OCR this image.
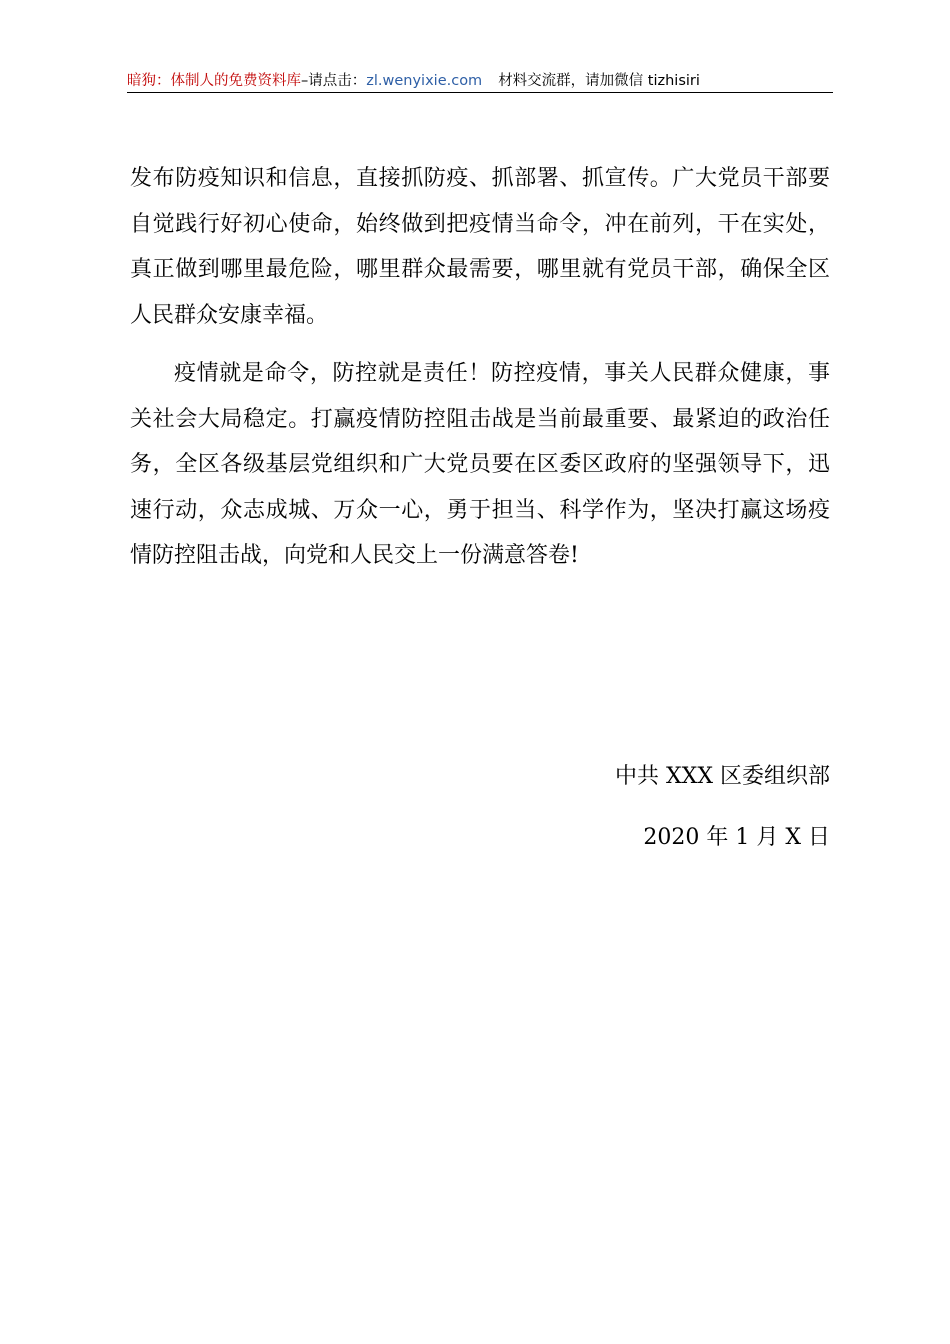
暗狗：体制人的免费资料库–请点击：zl.wenyixie.com 材料交流群，请加微信 tizhisiri

发布防疫知识和信息，直接抓防疫、抓部署、抓宣传。广大党员干部要自觉践行好初心使命，始终做到把疫情当命令，冲在前列，干在实处，真正做到哪里最危险，哪里群众最需要，哪里就有党员干部，确保全区人民群众安康幸福。

疫情就是命令，防控就是责任！防控疫情，事关人民群众健康，事关社会大局稳定。打赢疫情防控阻击战是当前最重要、最紧迫的政治任务，全区各级基层党组织和广大党员要在区委区政府的坚强领导下，迅速行动，众志成城、万众一心，勇于担当、科学作为，坚决打赢这场疫情防控阻击战，向党和人民交上一份满意答卷!

中共 XXX 区委组织部
2020 年 1 月 X 日
